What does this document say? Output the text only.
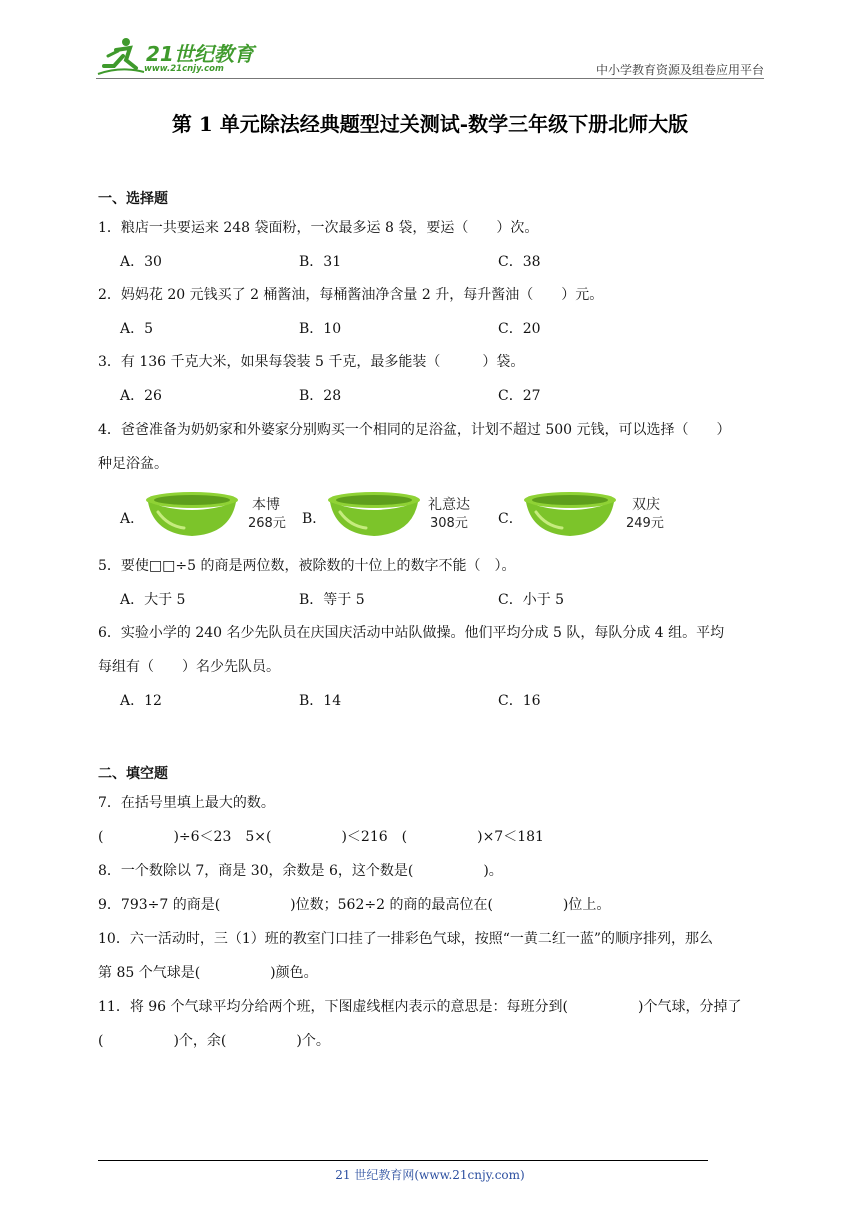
21世纪教育
www.21cnjy.com	中小学教育资源及组卷应用平台
第 1 单元除法经典题型过关测试-数学三年级下册北师大版
一、选择题
1．粮店一共要运来 248 袋面粉，一次最多运 8 袋，要运（　　）次。
A．30	B．31	C．38
2．妈妈花 20 元钱买了 2 桶酱油，每桶酱油净含量 2 升，每升酱油（　　）元。
A．5	B．10	C．20
3．有 136 千克大米，如果每袋装 5 千克，最多能装（　　　）袋。
A．26	B．28	C．27
4．爸爸准备为奶奶家和外婆家分别购买一个相同的足浴盆，计划不超过 500 元钱，可以选择（　　）
种足浴盆。
A．
本博
268元 B．
礼意达
308元 C．
双庆
249元
5．要使□□÷5 的商是两位数，被除数的十位上的数字不能（　）。
A．大于 5	B．等于 5	C．小于 5
6．实验小学的 240 名少先队员在庆国庆活动中站队做操。他们平均分成 5 队，每队分成 4 组。平均
每组有（　　）名少先队员。
A．12	B．14	C．16
二、填空题
7．在括号里填上最大的数。
(　　　　　)÷6＜23　5×(　　　　　)＜216　(　　　　　)×7＜181
8．一个数除以 7，商是 30，余数是 6，这个数是(　　　　　)。
9．793÷7 的商是(　　　　　)位数；562÷2 的商的最高位在(　　　　　)位上。
10．六一活动时，三（1）班的教室门口挂了一排彩色气球，按照“一黄二红一蓝”的顺序排列，那么
第 85 个气球是(　　　　　)颜色。
11．将 96 个气球平均分给两个班，下图虚线框内表示的意思是：每班分到(　　　　　)个气球，分掉了
(　　　　　)个，余(　　　　　)个。
21 世纪教育网(www.21cnjy.com)
